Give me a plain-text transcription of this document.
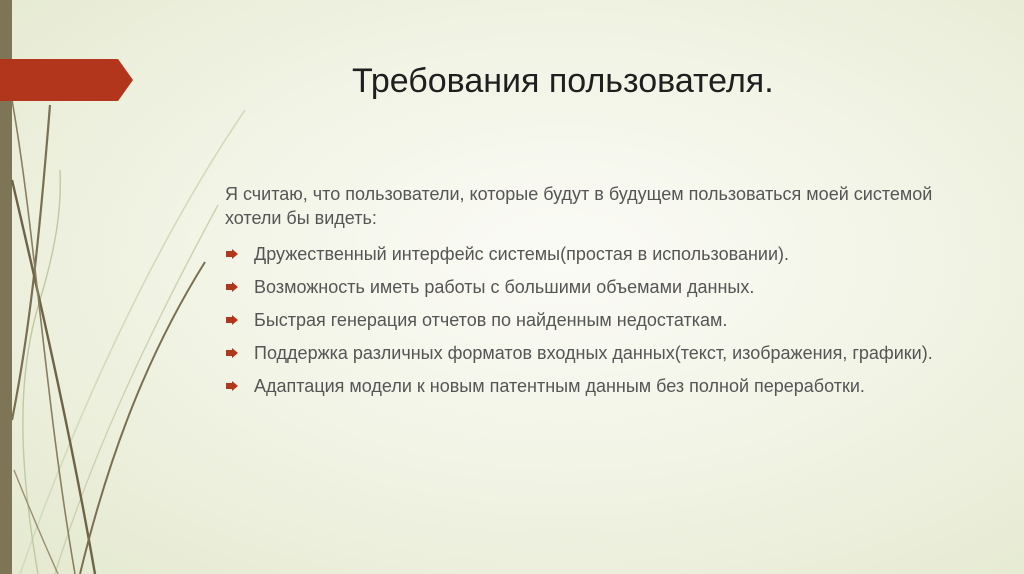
Требования пользователя.

Я считаю, что пользователи, которые будут в будущем пользоваться моей системой хотели бы видеть:

Дружественный интерфейс системы(простая в использовании).
Возможность иметь работы с большими объемами данных.
Быстрая генерация отчетов по найденным недостаткам.
Поддержка различных форматов входных данных(текст, изображения, графики).
Адаптация модели к новым патентным данным без полной переработки.
